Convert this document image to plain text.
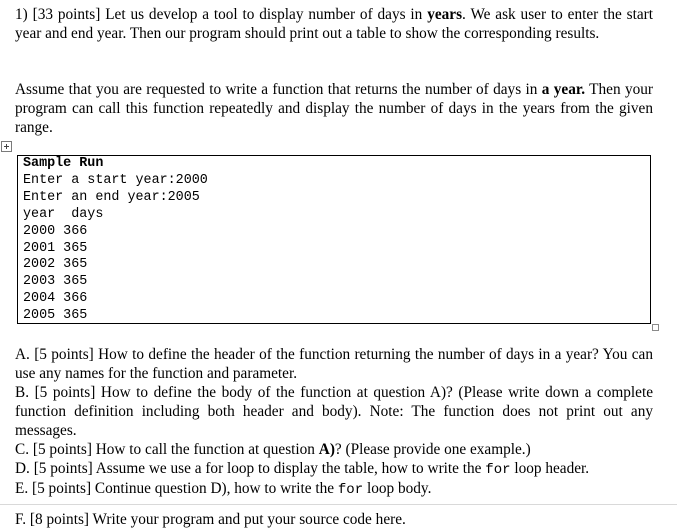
1) [33 points] Let us develop a tool to display number of days in years. We ask user to enter the start year and end year. Then our program should print out a table to show the corresponding results.
Assume that you are requested to write a function that returns the number of days in a year. Then your program can call this function repeatedly and display the number of days in the years from the given range.
Sample Run
Enter a start year:2000
Enter an end year:2005
year  days
2000 366
2001 365
2002 365
2003 365
2004 366
2005 365
A. [5 points] How to define the header of the function returning the number of days in a year? You can use any names for the function and parameter.
B. [5 points] How to define the body of the function at question A)? (Please write down a complete function definition including both header and body). Note: The function does not print out any messages.
C. [5 points] How to call the function at question A)? (Please provide one example.)
D. [5 points] Assume we use a for loop to display the table, how to write the for loop header.
E. [5 points] Continue question D), how to write the for loop body.
F. [8 points] Write your program and put your source code here.
